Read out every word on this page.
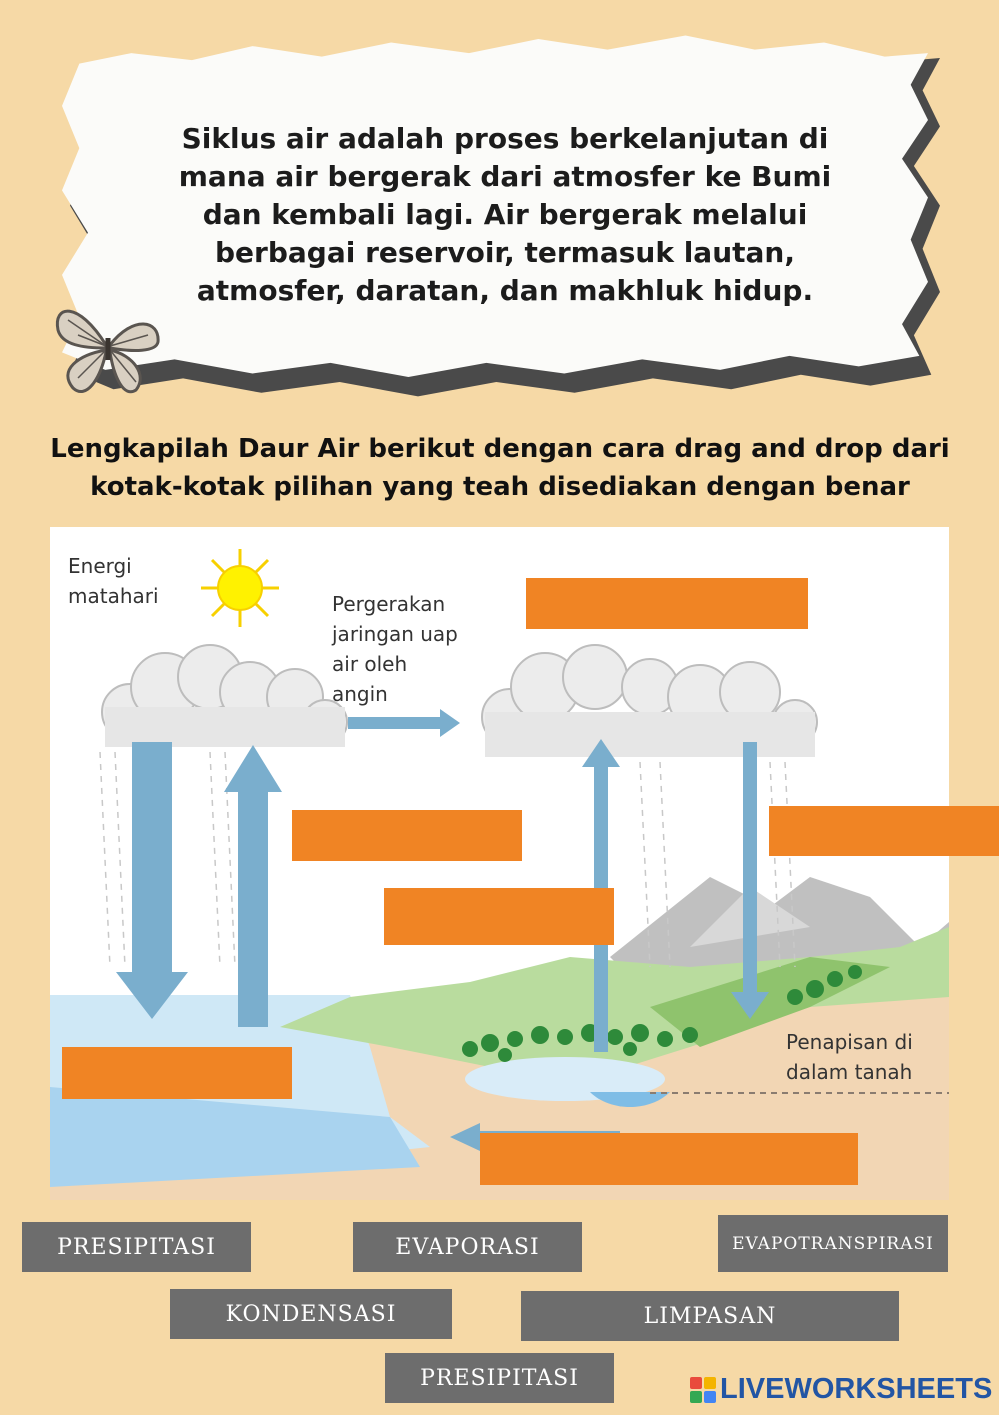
Siklus air adalah proses berkelanjutan di
mana air bergerak dari atmosfer ke Bumi
dan kembali lagi. Air bergerak melalui
berbagai reservoir, termasuk lautan,
atmosfer, daratan, dan makhluk hidup.
Lengkapilah Daur Air berikut dengan cara drag and drop dari
kotak-kotak pilihan yang teah disediakan dengan benar
Energi
matahari	Pergerakan
jaringan uap
air oleh
angin
Penapisan di
dalam tanah
PRESIPITASI	EVAPORASI	EVAPOTRANSPIRASI
KONDENSASI	LIMPASAN
PRESIPITASI	LIVEWORKSHEETS
